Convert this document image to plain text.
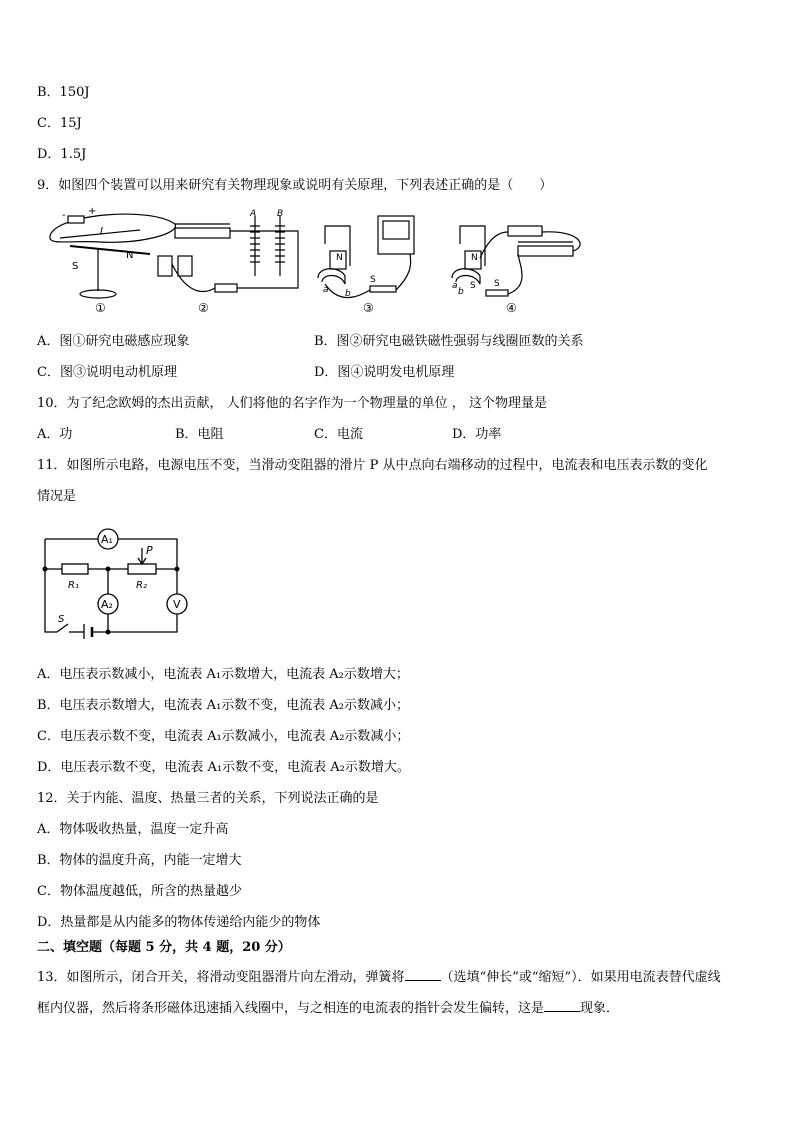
B．150J
C．15J
D．1.5J
9．如图四个装置可以用来研究有关物理现象或说明有关原理，下列表述正确的是（　　）
- +
I
S
N
A B
N
S
a b
N
S S
a
b
①	②	③	④
A．图①研究电磁感应现象	B．图②研究电磁铁磁性强弱与线圈匝数的关系
C．图③说明电动机原理	D．图④说明发电机原理
10．为了纪念欧姆的杰出贡献， 人们将他的名字作为一个物理量的单位 ， 这个物理量是
A．功	B．电阻	C．电流	D．功率
11．如图所示电路，电源电压不变，当滑动变阻器的滑片 P 从中点向右端移动的过程中，电流表和电压表示数的变化
情况是
A₁
A₂	V
P
R₁	R₂
S
A．电压表示数减小，电流表 A₁示数增大，电流表 A₂示数增大；
B．电压表示数增大，电流表 A₁示数不变，电流表 A₂示数减小；
C．电压表示数不变，电流表 A₁示数减小，电流表 A₂示数减小；
D．电压表示数不变，电流表 A₁示数不变，电流表 A₂示数增大。
12．关于内能、温度、热量三者的关系，下列说法正确的是
A．物体吸收热量，温度一定升高
B．物体的温度升高，内能一定增大
C．物体温度越低，所含的热量越少
D．热量都是从内能多的物体传递给内能少的物体
二、填空题（每题 5 分，共 4 题，20 分）
13．如图所示，闭合开关，将滑动变阻器滑片向左滑动，弹簧将	（选填“伸长”或“缩短”）．如果用电流表替代虚线
框内仪器，然后将条形磁体迅速插入线圈中，与之相连的电流表的指针会发生偏转，这是	现象．
